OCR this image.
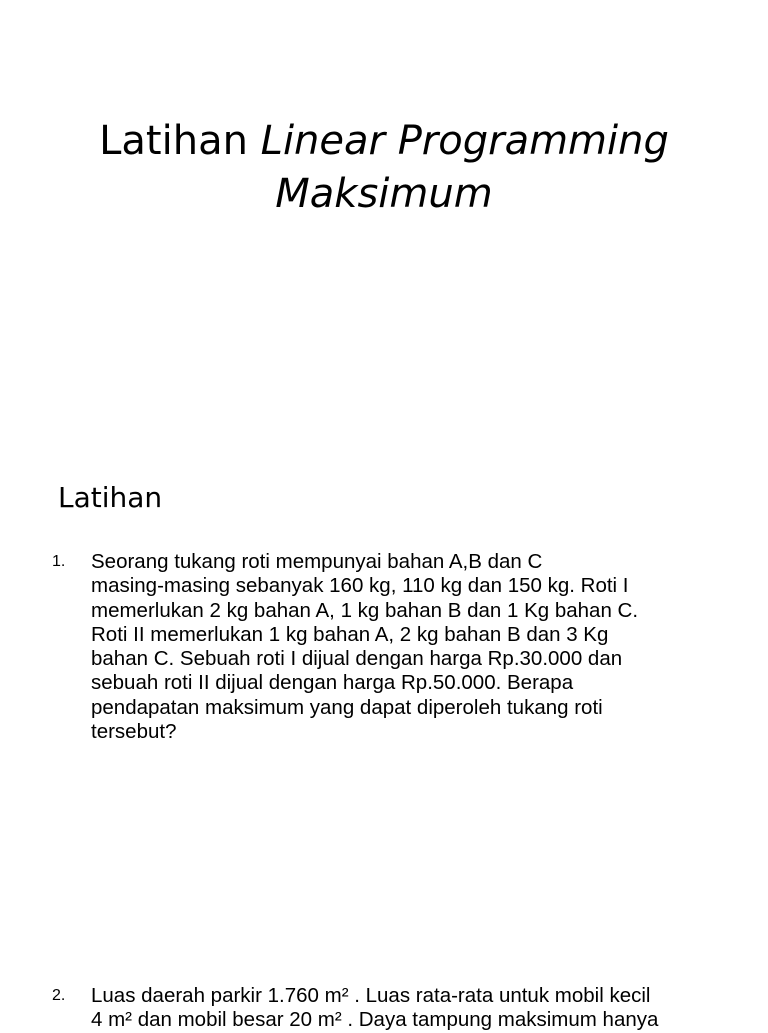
Latihan Linear Programming
Maksimum
Latihan
1. Seorang tukang roti mempunyai bahan A,B dan C
masing-masing sebanyak 160 kg, 110 kg dan 150 kg. Roti I
memerlukan 2 kg bahan A, 1 kg bahan B dan 1 Kg bahan C.
Roti II memerlukan 1 kg bahan A, 2 kg bahan B dan 3 Kg
bahan C. Sebuah roti I dijual dengan harga Rp.30.000 dan
sebuah roti II dijual dengan harga Rp.50.000. Berapa
pendapatan maksimum yang dapat diperoleh tukang roti
tersebut?
2. Luas daerah parkir 1.760 m² . Luas rata-rata untuk mobil kecil
4 m² dan mobil besar 20 m² . Daya tampung maksimum hanya
